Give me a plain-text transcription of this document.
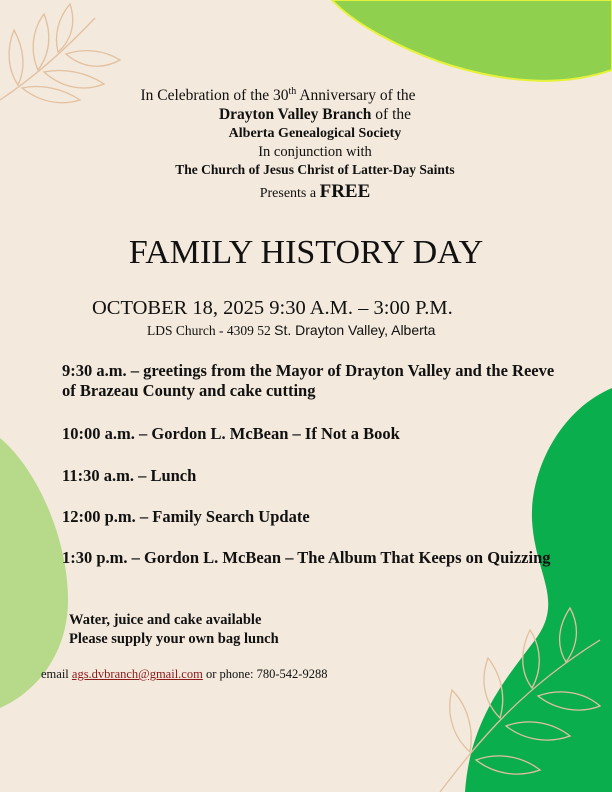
In Celebration of the 30th Anniversary of the
Drayton Valley Branch of the
Alberta Genealogical Society
In conjunction with
The Church of Jesus Christ of Latter-Day Saints
Presents a FREE
FAMILY HISTORY DAY
OCTOBER 18, 2025 9:30 A.M. – 3:00 P.M.
LDS Church - 4309 52 St. Drayton Valley, Alberta
9:30 a.m. – greetings from the Mayor of Drayton Valley and the Reeve of Brazeau County and cake cutting
10:00 a.m. – Gordon L. McBean – If Not a Book
11:30 a.m. – Lunch
12:00 p.m. – Family Search Update
1:30 p.m. – Gordon L. McBean – The Album That Keeps on Quizzing
Water, juice and cake available
Please supply your own bag lunch
email ags.dvbranch@gmail.com or phone: 780-542-9288
